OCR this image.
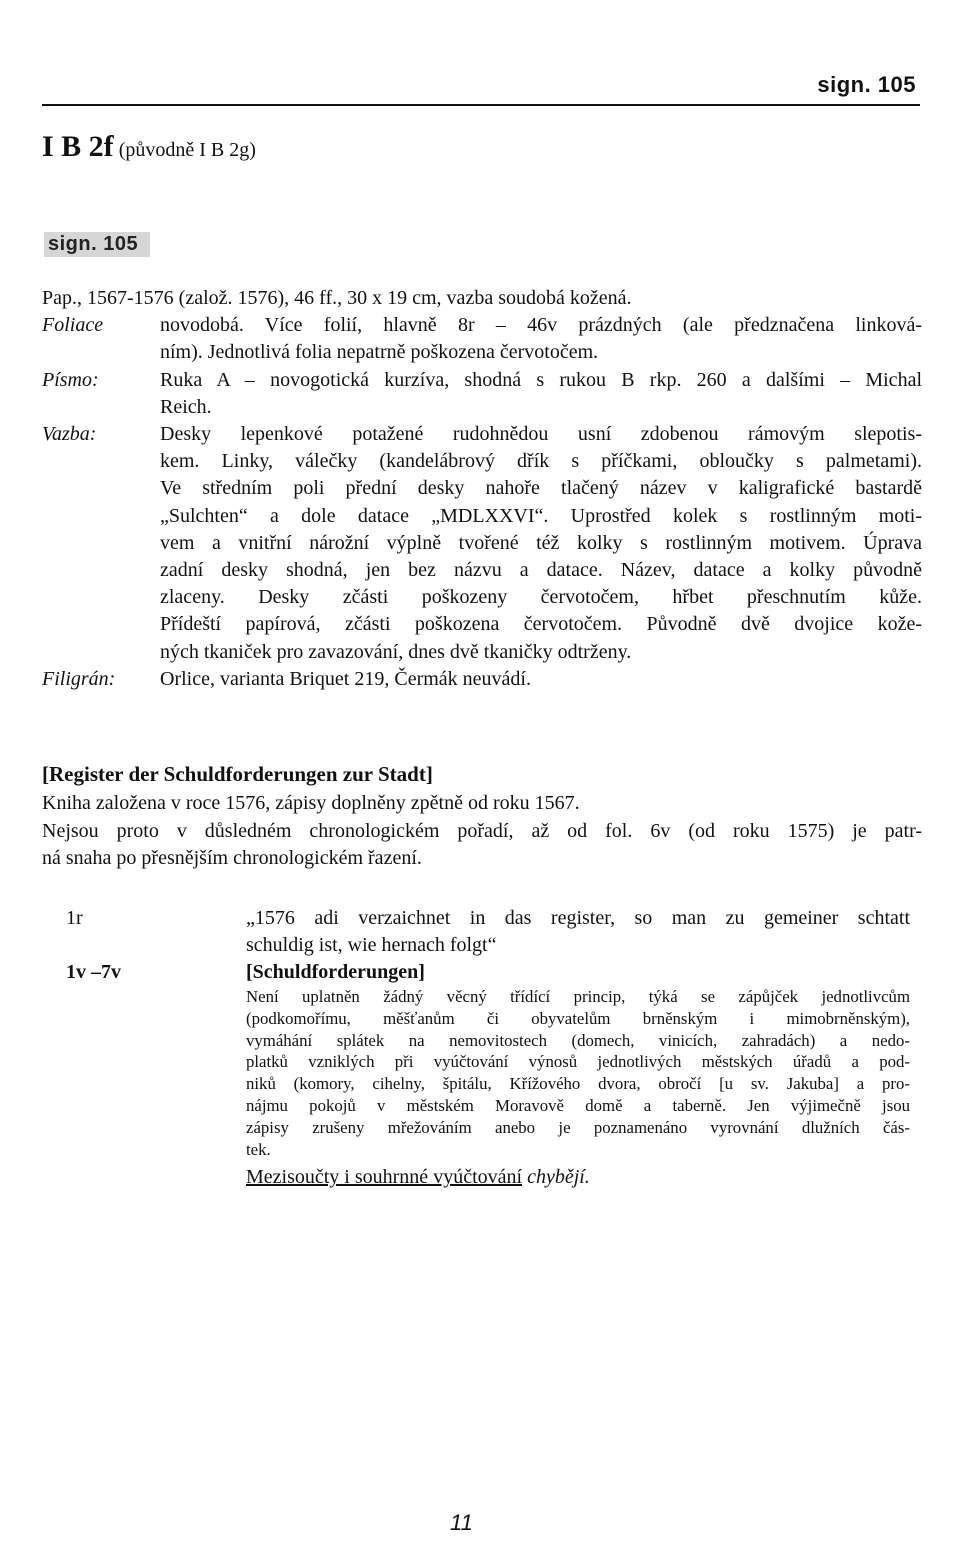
sign. 105
I B 2f (původně I B 2g)
sign. 105
Pap., 1567-1576 (založ. 1576), 46 ff., 30 x 19 cm, vazba soudobá kožená.
Foliace	novodobá. Více folií, hlavně 8r – 46v prázdných (ale předznačena linková-
ním). Jednotlivá folia nepatrně poškozena červotočem.
Písmo:	Ruka A – novogotická kurzíva, shodná s rukou B rkp. 260 a dalšími – Michal
Reich.
Vazba:	Desky lepenkové potažené rudohnědou usní zdobenou rámovým slepotis-
kem. Linky, válečky (kandelábrový dřík s příčkami, obloučky s palmetami).
Ve středním poli přední desky nahoře tlačený název v kaligrafické bastardě
„Sulchten“ a dole datace „MDLXXVI“. Uprostřed kolek s rostlinným moti-
vem a vnitřní nárožní výplně tvořené též kolky s rostlinným motivem. Úprava
zadní desky shodná, jen bez názvu a datace. Název, datace a kolky původně
zlaceny. Desky zčásti poškozeny červotočem, hřbet přeschnutím kůže.
Přídeští papírová, zčásti poškozena červotočem. Původně dvě dvojice kože-
ných tkaniček pro zavazování, dnes dvě tkaničky odtrženy.
Filigrán:	Orlice, varianta Briquet 219, Čermák neuvádí.
[Register der Schuldforderungen zur Stadt]
Kniha založena v roce 1576, zápisy doplněny zpětně od roku 1567.
Nejsou proto v důsledném chronologickém pořadí, až od fol. 6v (od roku 1575) je patr-
ná snaha po přesnějším chronologickém řazení.
1r	„1576 adi verzaichnet in das register, so man zu gemeiner schtatt
schuldig ist, wie hernach folgt“
1v –7v	[Schuldforderungen]
Není uplatněn žádný věcný třídící princip, týká se zápůjček jednotlivcům
(podkomořímu, měšťanům či obyvatelům brněnským i mimobrněnským),
vymáhání splátek na nemovitostech (domech, vinicích, zahradách) a nedo-
platků vzniklých při vyúčtování výnosů jednotlivých městských úřadů a pod-
niků (komory, cihelny, špitálu, Křížového dvora, obročí [u sv. Jakuba] a pro-
nájmu pokojů v městském Moravově domě a taberně. Jen výjimečně jsou
zápisy zrušeny mřežováním anebo je poznamenáno vyrovnání dlužních čás-
tek.
Mezisoučty i souhrnné vyúčtování chybějí.
11
